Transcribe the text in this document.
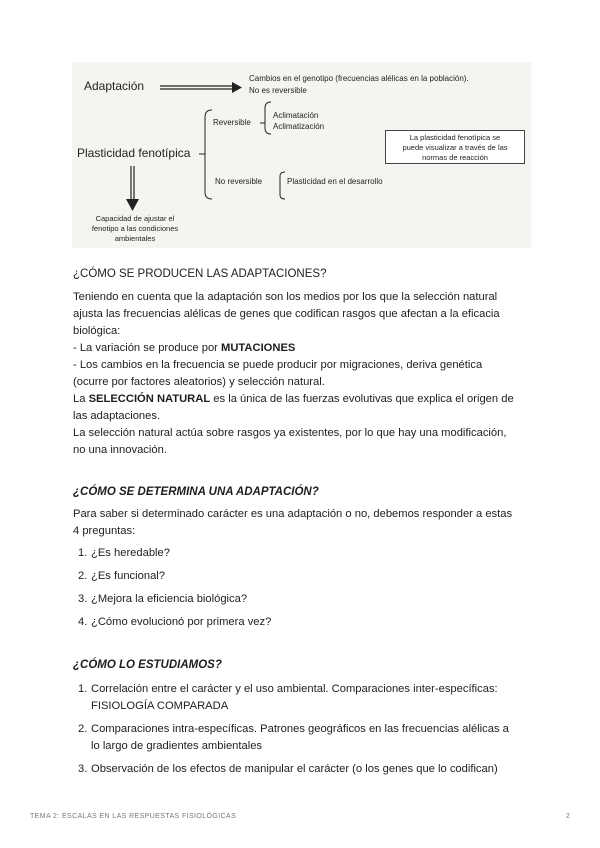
Adaptación
Cambios en el genotipo (frecuencias alélicas en la población).
No es reversible
Plasticidad fenotípica
Reversible
Aclimatación
Aclimatización
No reversible	Plasticidad en el desarrollo
La plasticidad fenotípica se
puede visualizar a través de las
normas de reacción
Capacidad de ajustar el
fenotipo a las condiciones
ambientales
¿CÓMO SE PRODUCEN LAS ADAPTACIONES?
Teniendo en cuenta que la adaptación son los medios por los que la selección natural
ajusta las frecuencias alélicas de genes que codifican rasgos que afectan a la eficacia
biológica:
- La variación se produce por MUTACIONES
- Los cambios en la frecuencia se puede producir por migraciones, deriva genética
(ocurre por factores aleatorios) y selección natural.
La SELECCIÓN NATURAL es la única de las fuerzas evolutivas que explica el origen de
las adaptaciones.
La selección natural actúa sobre rasgos ya existentes, por lo que hay una modificación,
no una innovación.
¿CÓMO SE DETERMINA UNA ADAPTACIÓN?
Para saber si determinado carácter es una adaptación o no, debemos responder a estas
4 preguntas:
1. ¿Es heredable?
2. ¿Es funcional?
3. ¿Mejora la eficiencia biológica?
4. ¿Cómo evolucionó por primera vez?
¿CÓMO LO ESTUDIAMOS?
1. Correlación entre el carácter y el uso ambiental. Comparaciones inter-específicas:
FISIOLOGÍA COMPARADA
2. Comparaciones intra-específicas. Patrones geográficos en las frecuencias alélicas a
lo largo de gradientes ambientales
3. Observación de los efectos de manipular el carácter (o los genes que lo codifican)
TEMA 2: ESCALAS EN LAS RESPUESTAS FISIOLÓGICAS	2
